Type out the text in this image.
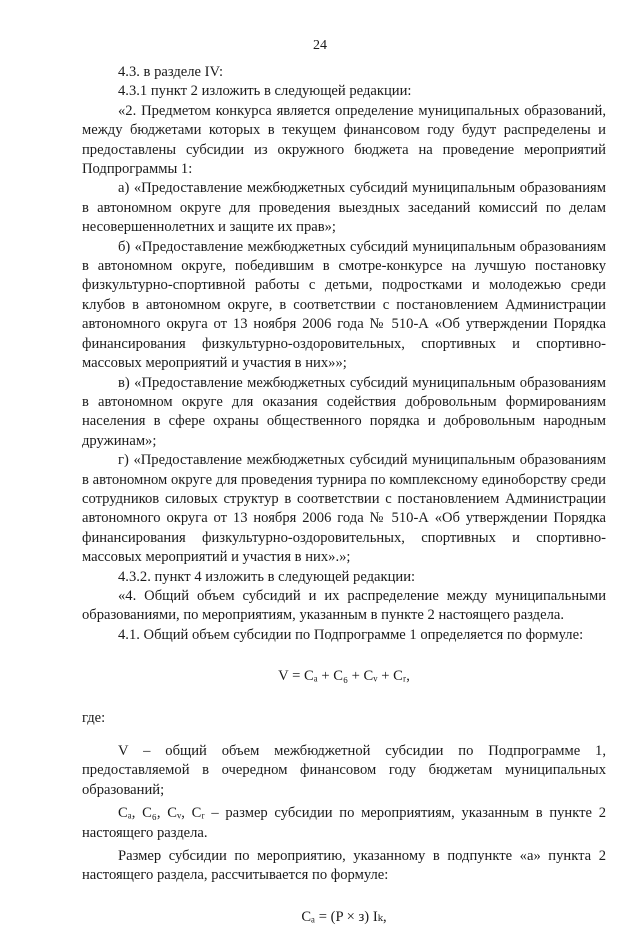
24

4.3. в разделе IV:

4.3.1 пункт 2 изложить в следующей редакции:

«2. Предметом конкурса является определение муниципальных образований, между бюджетами которых в текущем финансовом году будут распределены и предоставлены субсидии из окружного бюджета на проведение мероприятий Подпрограммы 1:

а) «Предоставление межбюджетных субсидий муниципальным образованиям в автономном округе для проведения выездных заседаний комиссий по делам несовершеннолетних и защите их прав»;

б) «Предоставление межбюджетных субсидий муниципальным образованиям в автономном округе, победившим в смотре-конкурсе на лучшую постановку физкультурно-спортивной работы с детьми, подростками и молодежью среди клубов в автономном округе, в соответствии с постановлением Администрации автономного округа от 13 ноября 2006 года № 510-А «Об утверждении Порядка финансирования физкультурно-оздоровительных, спортивных и спортивно-массовых мероприятий и участия в них»»;

в) «Предоставление межбюджетных субсидий муниципальным образованиям в автономном округе для оказания содействия добровольным формированиям населения в сфере охраны общественного порядка и добровольным народным дружинам»;

г) «Предоставление межбюджетных субсидий муниципальным образованиям в автономном округе для проведения турнира по комплексному единоборству среди сотрудников силовых структур в соответствии с постановлением Администрации автономного округа от 13 ноября 2006 года № 510-А «Об утверждении Порядка финансирования физкультурно-оздоровительных, спортивных и спортивно-массовых мероприятий и участия в них».»;

4.3.2. пункт 4 изложить в следующей редакции:

«4. Общий объем субсидий и их распределение между муниципальными образованиями, по мероприятиям, указанным в пункте 2 настоящего раздела.

4.1. Общий объем субсидии по Подпрограмме 1 определяется по формуле:

V = Cₐ + C₆ + Cᵥ + Cᵣ,

где:

V – общий объем межбюджетной субсидии по Подпрограмме 1, предоставляемой в очередном финансовом году бюджетам муниципальных образований;

Cₐ, C₆, Cᵥ, Cᵣ – размер субсидии по мероприятиям, указанным в пункте 2 настоящего раздела.

Размер субсидии по мероприятию, указанному в подпункте «а» пункта 2 настоящего раздела, рассчитывается по формуле:

Cₐ = (P × з) Iₖ,
